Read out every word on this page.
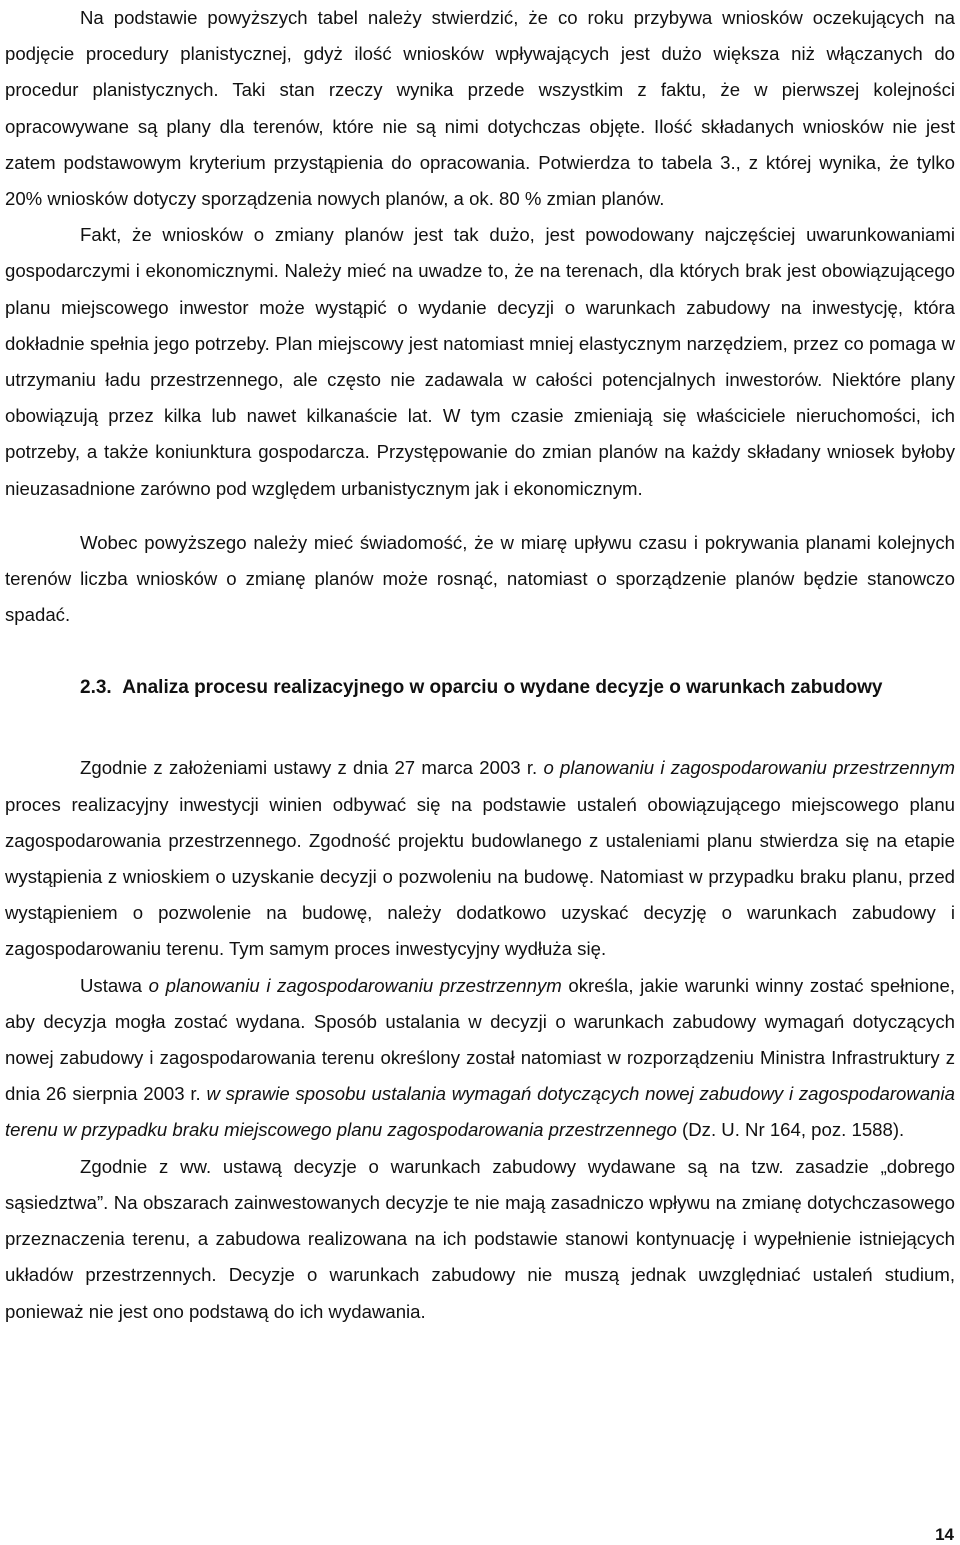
Na podstawie powyższych tabel należy stwierdzić, że co roku przybywa wniosków oczekujących na podjęcie procedury planistycznej, gdyż ilość wniosków wpływających jest dużo większa niż włączanych do procedur planistycznych. Taki stan rzeczy wynika przede wszystkim z faktu, że w pierwszej kolejności opracowywane są plany dla terenów, które nie są nimi dotychczas objęte. Ilość składanych wniosków nie jest zatem podstawowym kryterium przystąpienia do opracowania. Potwierdza to tabela 3., z której wynika, że tylko 20% wniosków dotyczy sporządzenia nowych planów, a ok. 80 % zmian planów.

Fakt, że wniosków o zmiany planów jest tak dużo, jest powodowany najczęściej uwarunkowaniami gospodarczymi i ekonomicznymi. Należy mieć na uwadze to, że na terenach, dla których brak jest obowiązującego planu miejscowego inwestor może wystąpić o wydanie decyzji o warunkach zabudowy na inwestycję, która dokładnie spełnia jego potrzeby. Plan miejscowy jest natomiast mniej elastycznym narzędziem, przez co pomaga w utrzymaniu ładu przestrzennego, ale często nie zadawala w całości potencjalnych inwestorów. Niektóre plany obowiązują przez kilka lub nawet kilkanaście lat. W tym czasie zmieniają się właściciele nieruchomości, ich potrzeby, a także koniunktura gospodarcza. Przystępowanie do zmian planów na każdy składany wniosek byłoby nieuzasadnione zarówno pod względem urbanistycznym jak i ekonomicznym.

Wobec powyższego należy mieć świadomość, że w miarę upływu czasu i pokrywania planami kolejnych terenów liczba wniosków o zmianę planów może rosnąć, natomiast o sporządzenie planów będzie stanowczo spadać.

2.3. Analiza procesu realizacyjnego w oparciu o wydane decyzje o warunkach zabudowy

Zgodnie z założeniami ustawy z dnia 27 marca 2003 r. o planowaniu i zagospodarowaniu przestrzennym proces realizacyjny inwestycji winien odbywać się na podstawie ustaleń obowiązującego miejscowego planu zagospodarowania przestrzennego. Zgodność projektu budowlanego z ustaleniami planu stwierdza się na etapie wystąpienia z wnioskiem o uzyskanie decyzji o pozwoleniu na budowę. Natomiast w przypadku braku planu, przed wystąpieniem o pozwolenie na budowę, należy dodatkowo uzyskać decyzję o warunkach zabudowy i zagospodarowaniu terenu. Tym samym proces inwestycyjny wydłuża się.

Ustawa o planowaniu i zagospodarowaniu przestrzennym określa, jakie warunki winny zostać spełnione, aby decyzja mogła zostać wydana. Sposób ustalania w decyzji o warunkach zabudowy wymagań dotyczących nowej zabudowy i zagospodarowania terenu określony został natomiast w rozporządzeniu Ministra Infrastruktury z dnia 26 sierpnia 2003 r. w sprawie sposobu ustalania wymagań dotyczących nowej zabudowy i zagospodarowania terenu w przypadku braku miejscowego planu zagospodarowania przestrzennego (Dz. U. Nr 164, poz. 1588).

Zgodnie z ww. ustawą decyzje o warunkach zabudowy wydawane są na tzw. zasadzie „dobrego sąsiedztwa”. Na obszarach zainwestowanych decyzje te nie mają zasadniczo wpływu na zmianę dotychczasowego przeznaczenia terenu, a zabudowa realizowana na ich podstawie stanowi kontynuację i wypełnienie istniejących układów przestrzennych. Decyzje o warunkach zabudowy nie muszą jednak uwzględniać ustaleń studium, ponieważ nie jest ono podstawą do ich wydawania.

14
